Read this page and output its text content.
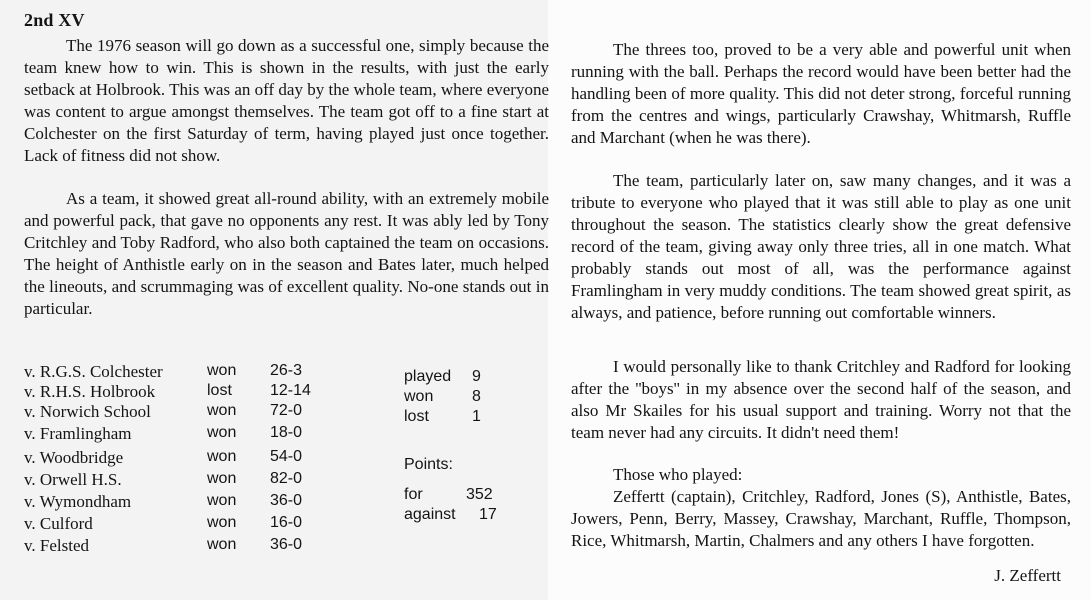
2nd XV

The 1976 season will go down as a successful one, simply because the team knew how to win. This is shown in the results, with just the early setback at Holbrook. This was an off day by the whole team, where everyone was content to argue amongst themselves. The team got off to a fine start at Colchester on the first Saturday of term, having played just once together. Lack of fitness did not show.

As a team, it showed great all-round ability, with an extremely mobile and powerful pack, that gave no opponents any rest. It was ably led by Tony Critchley and Toby Radford, who also both captained the team on occasions. The height of Anthistle early on in the season and Bates later, much helped the lineouts, and scrummaging was of excellent quality. No-one stands out in particular.

v. R.G.S. Colchester	won 26-3
v. R.H.S. Holbrook	lost 12-14
v. Norwich School	won 72-0
v. Framlingham	won 18-0
v. Woodbridge	won 54-0
v. Orwell H.S.	won 82-0
v. Wymondham	won 36-0
v. Culford	won 16-0
v. Felsted	won 36-0
played 9
won 8
lost	1
Points:
for	352
against 17

The threes too, proved to be a very able and powerful unit when running with the ball. Perhaps the record would have been better had the handling been of more quality. This did not deter strong, forceful running from the centres and wings, particularly Crawshay, Whitmarsh, Ruffle and Marchant (when he was there).

The team, particularly later on, saw many changes, and it was a tribute to everyone who played that it was still able to play as one unit throughout the season. The statistics clearly show the great defensive record of the team, giving away only three tries, all in one match. What probably stands out most of all, was the performance against Framlingham in very muddy conditions. The team showed great spirit, as always, and patience, before running out comfortable winners.

I would personally like to thank Critchley and Radford for looking after the ''boys'' in my absence over the second half of the season, and also Mr Skailes for his usual support and training. Worry not that the team never had any circuits. It didn't need them!

Those who played:

Zeffertt (captain), Critchley, Radford, Jones (S), Anthistle, Bates, Jowers, Penn, Berry, Massey, Crawshay, Marchant, Ruffle, Thompson, Rice, Whitmarsh, Martin, Chalmers and any others I have forgotten.

J. Zeffertt
